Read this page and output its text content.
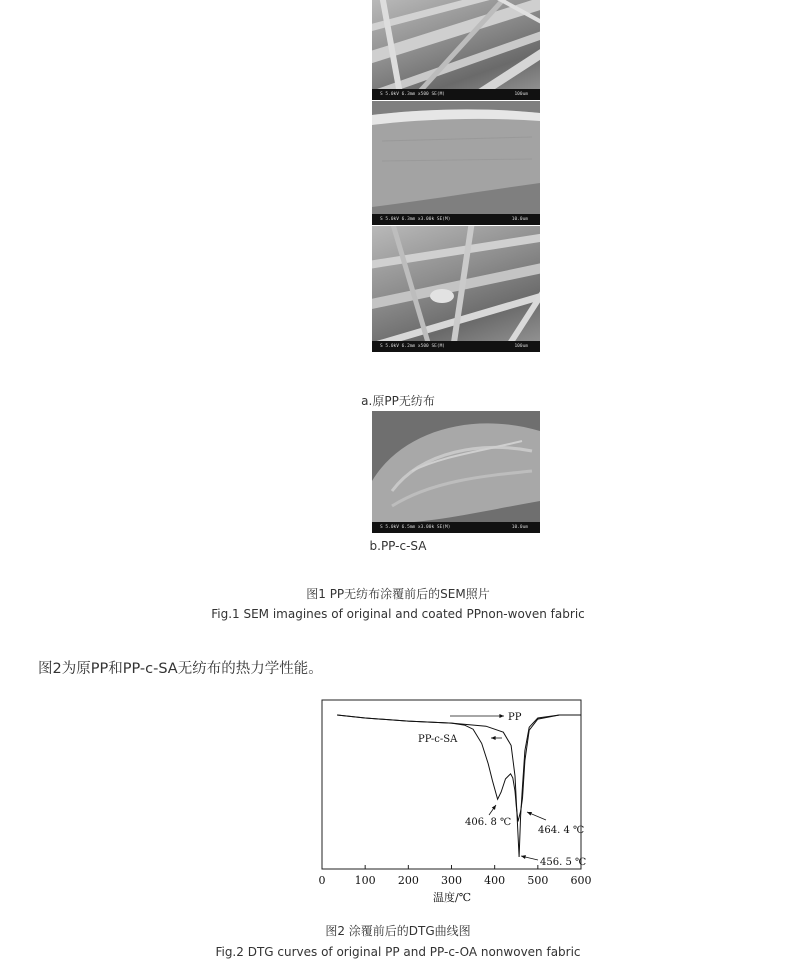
S 5.0kV 6.3mm x500 SE(M)	100um
S 5.0kV 6.3mm x3.00k SE(M)	10.0um
S 5.0kV 6.2mm x500 SE(M)	100um
a.原PP无纺布
S 5.0kV 6.5mm x3.00k SE(M)	10.0um
b.PP-c-SA
图1 PP无纺布涂覆前后的SEM照片
Fig.1 SEM imagines of original and coated PPnon-woven fabric
图2为原PP和PP-c-SA无纺布的热力学性能。
0	100 200 300 400 500 600
PP
PP-c-SA
406. 8 ℃
464. 4 ℃
456. 5 ℃
温度/℃
图2 涂覆前后的DTG曲线图
Fig.2 DTG curves of original PP and PP-c-OA nonwoven fabric
